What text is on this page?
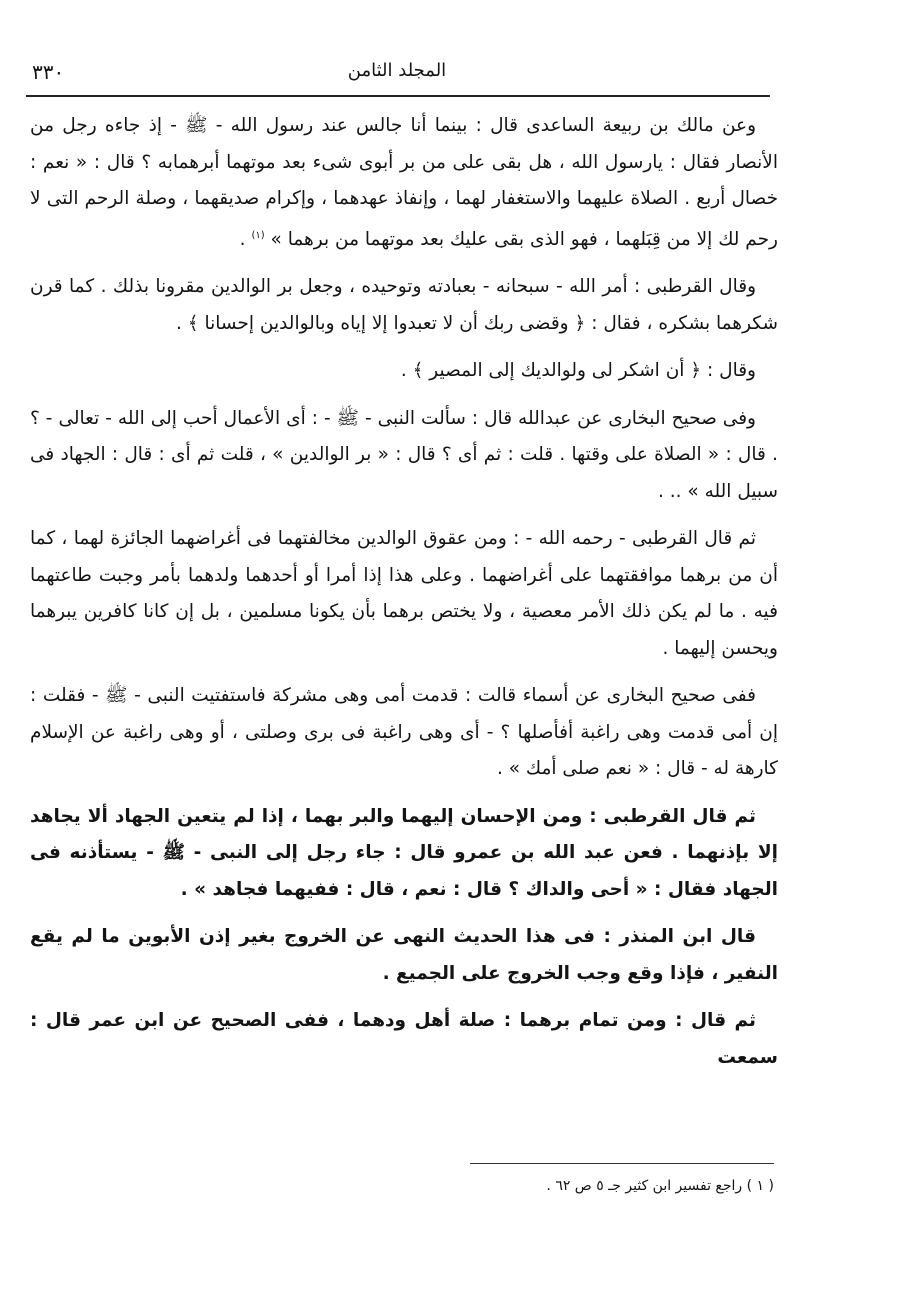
٣٣٠	المجلد الثامن

وعن مالك بن ربيعة الساعدى قال : بينما أنا جالس عند رسول الله - ﷺ - إذ جاءه رجل من الأنصار فقال : يارسول الله ، هل بقى على من بر أبوى شىء بعد موتهما أبرهمابه ؟ قال : « نعم : خصال أربع . الصلاة عليهما والاستغفار لهما ، وإنفاذ عهدهما ، وإكرام صديقهما ، وصلة الرحم التى لا رحم لك إلا من قِبَلهما ، فهو الذى بقى عليك بعد موتهما من برهما » $^{(١)}$ .

وقال القرطبى : أمر الله - سبحانه - بعبادته وتوحيده ، وجعل بر الوالدين مقرونا بذلك . كما قرن شكرهما بشكره ، فقال : ﴿ وقضى ربك أن لا تعبدوا إلا إياه وبالوالدين إحسانا ﴾ .

وقال : ﴿ أن اشكر لى ولوالديك إلى المصير ﴾ .

وفى صحيح البخارى عن عبدالله قال : سألت النبى - ﷺ - : أى الأعمال أحب إلى الله - تعالى - ؟ . قال : « الصلاة على وقتها . قلت : ثم أى ؟ قال : « بر الوالدين » ، قلت ثم أى : قال : الجهاد فى سبيل الله » .. .

ثم قال القرطبى - رحمه الله - : ومن عقوق الوالدين مخالفتهما فى أغراضهما الجائزة لهما ، كما أن من برهما موافقتهما على أغراضهما . وعلى هذا إذا أمرا أو أحدهما ولدهما بأمر وجبت طاعتهما فيه . ما لم يكن ذلك الأمر معصية ، ولا يختص برهما بأن يكونا مسلمين ، بل إن كانا كافرين يبرهما ويحسن إليهما .

ففى صحيح البخارى عن أسماء قالت : قدمت أمى وهى مشركة فاستفتيت النبى - ﷺ - فقلت : إن أمى قدمت وهى راغبة أفأصلها ؟ - أى وهى راغبة فى برى وصلتى ، أو وهى راغبة عن الإسلام كارهة له - قال : « نعم صلى أمك » .

ثم قال القرطبى : ومن الإحسان إليهما والبر بهما ، إذا لم يتعين الجهاد ألا يجاهد إلا بإذنهما . فعن عبد الله بن عمرو قال : جاء رجل إلى النبى - ﷺ - يستأذنه فى الجهاد فقال : « أحى والداك ؟ قال : نعم ، قال : ففيهما فجاهد » .

قال ابن المنذر : فى هذا الحديث النهى عن الخروج بغير إذن الأبوين ما لم يقع النفير ، فإذا وقع وجب الخروج على الجميع .

ثم قال : ومن تمام برهما : صلة أهل ودهما ، ففى الصحيح عن ابن عمر قال : سمعت

( ١ ) راجع تفسير ابن كثير جـ ٥ ص ٦٢ .
